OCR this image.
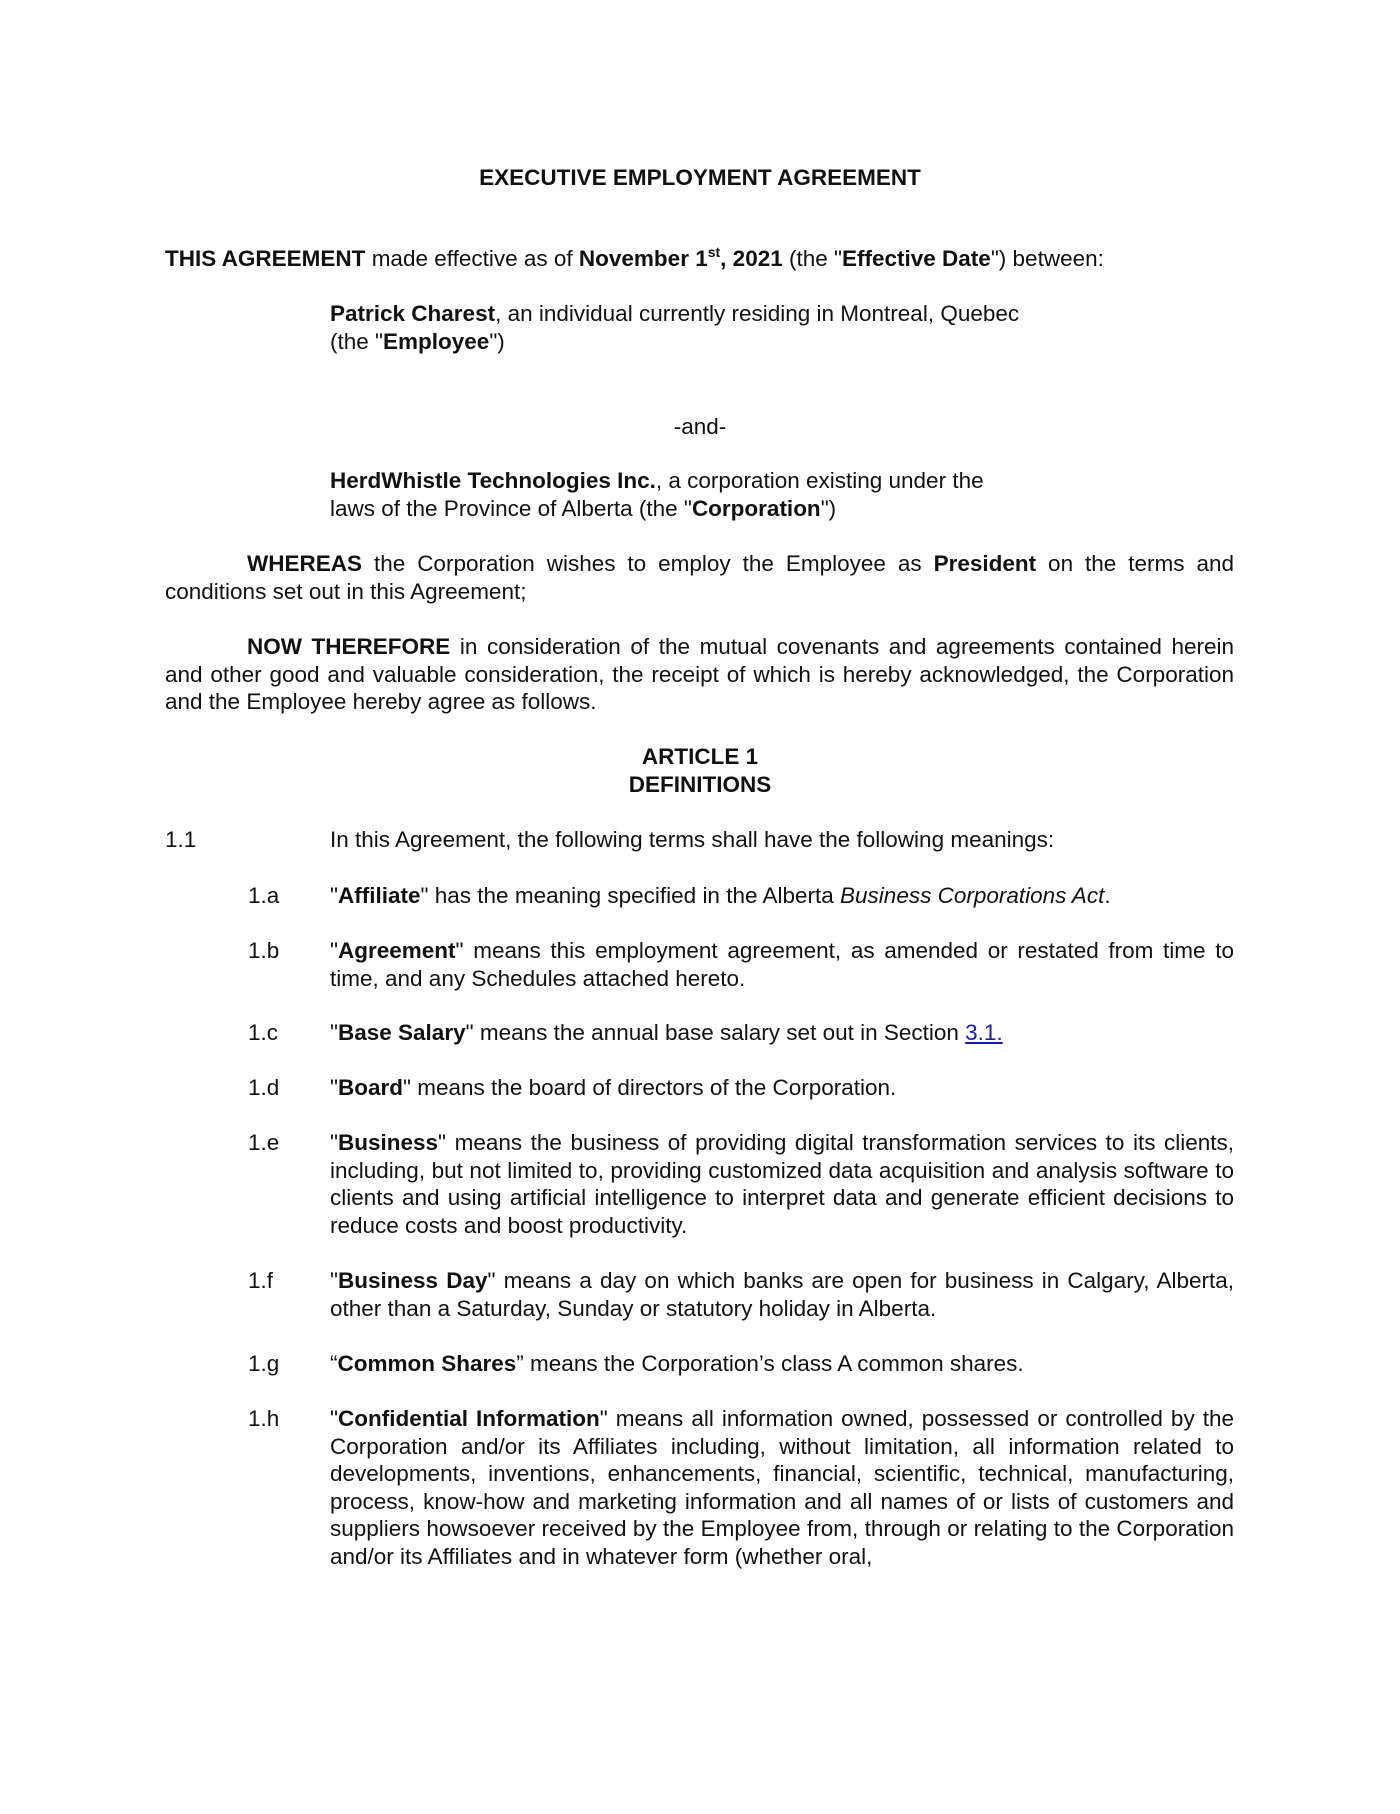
EXECUTIVE EMPLOYMENT AGREEMENT
THIS AGREEMENT made effective as of November 1st, 2021 (the "Effective Date") between:
Patrick Charest, an individual currently residing in Montreal, Quebec
(the "Employee")
-and-
HerdWhistle Technologies Inc., a corporation existing under the
laws of the Province of Alberta (the "Corporation")
WHEREAS the Corporation wishes to employ the Employee as President on the terms and conditions set out in this Agreement;
NOW THEREFORE in consideration of the mutual covenants and agreements contained herein and other good and valuable consideration, the receipt of which is hereby acknowledged, the Corporation and the Employee hereby agree as follows.
ARTICLE 1
DEFINITIONS
1.1	In this Agreement, the following terms shall have the following meanings:
1.a "Affiliate" has the meaning specified in the Alberta Business Corporations Act.
1.b "Agreement" means this employment agreement, as amended or restated from time to time, and any Schedules attached hereto.
1.c "Base Salary" means the annual base salary set out in Section 3.1.
1.d "Board" means the board of directors of the Corporation.
1.e "Business" means the business of providing digital transformation services to its clients, including, but not limited to, providing customized data acquisition and analysis software to clients and using artificial intelligence to interpret data and generate efficient decisions to reduce costs and boost productivity.
1.f	"Business Day" means a day on which banks are open for business in Calgary, Alberta, other than a Saturday, Sunday or statutory holiday in Alberta.
1.g “Common Shares” means the Corporation’s class A common shares.
1.h "Confidential Information" means all information owned, possessed or controlled by the Corporation and/or its Affiliates including, without limitation, all information related to developments, inventions, enhancements, financial, scientific, technical, manufacturing, process, know-how and marketing information and all names of or lists of customers and suppliers howsoever received by the Employee from, through or relating to the Corporation and/or its Affiliates and in whatever form (whether oral,
